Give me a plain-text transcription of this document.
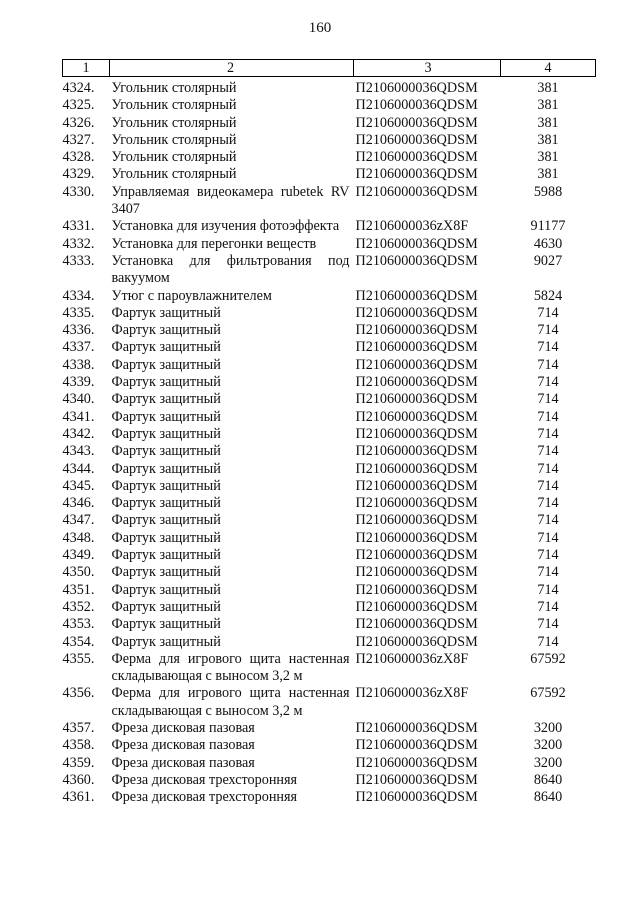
160
1	2	3	4
4324.	Угольник столярный	П2106000036QDSM	381
4325.	Угольник столярный	П2106000036QDSM	381
4326.	Угольник столярный	П2106000036QDSM	381
4327.	Угольник столярный	П2106000036QDSM	381
4328.	Угольник столярный	П2106000036QDSM	381
4329.	Угольник столярный	П2106000036QDSM	381
4330.	Управляемая видеокамера rubetek RV 3407	П2106000036QDSM	5988
4331.	Установка для изучения фотоэффекта	П2106000036zX8F	91177
4332.	Установка для перегонки веществ	П2106000036QDSM	4630
4333.	Установка для фильтрования под вакуумом	П2106000036QDSM	9027
4334.	Утюг с пароувлажнителем	П2106000036QDSM	5824
4335.	Фартук защитный	П2106000036QDSM	714
4336.	Фартук защитный	П2106000036QDSM	714
4337.	Фартук защитный	П2106000036QDSM	714
4338.	Фартук защитный	П2106000036QDSM	714
4339.	Фартук защитный	П2106000036QDSM	714
4340.	Фартук защитный	П2106000036QDSM	714
4341.	Фартук защитный	П2106000036QDSM	714
4342.	Фартук защитный	П2106000036QDSM	714
4343.	Фартук защитный	П2106000036QDSM	714
4344.	Фартук защитный	П2106000036QDSM	714
4345.	Фартук защитный	П2106000036QDSM	714
4346.	Фартук защитный	П2106000036QDSM	714
4347.	Фартук защитный	П2106000036QDSM	714
4348.	Фартук защитный	П2106000036QDSM	714
4349.	Фартук защитный	П2106000036QDSM	714
4350.	Фартук защитный	П2106000036QDSM	714
4351.	Фартук защитный	П2106000036QDSM	714
4352.	Фартук защитный	П2106000036QDSM	714
4353.	Фартук защитный	П2106000036QDSM	714
4354.	Фартук защитный	П2106000036QDSM	714
4355.	Ферма для игрового щита настенная складывающая с выносом 3,2 м	П2106000036zX8F	67592
4356.	Ферма для игрового щита настенная складывающая с выносом 3,2 м	П2106000036zX8F	67592
4357.	Фреза дисковая пазовая	П2106000036QDSM	3200
4358.	Фреза дисковая пазовая	П2106000036QDSM	3200
4359.	Фреза дисковая пазовая	П2106000036QDSM	3200
4360.	Фреза дисковая трехсторонняя	П2106000036QDSM	8640
4361.	Фреза дисковая трехсторонняя	П2106000036QDSM	8640
